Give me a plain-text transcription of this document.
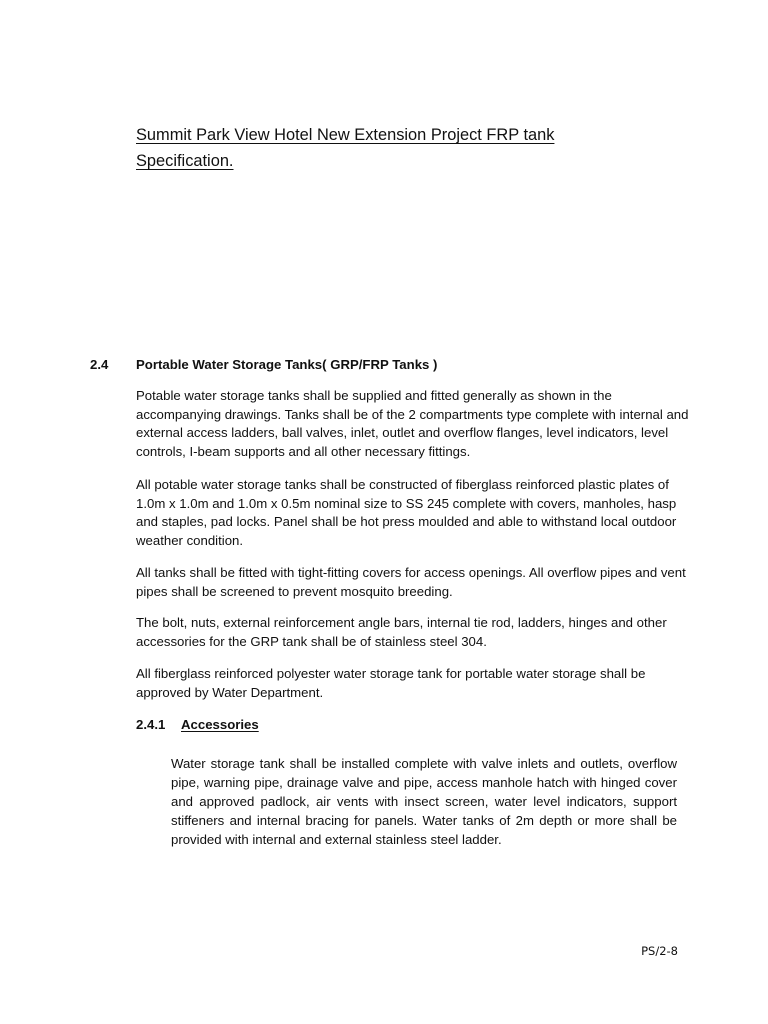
Summit Park View Hotel New Extension Project FRP tank Specification.
2.4 Portable Water Storage Tanks( GRP/FRP Tanks )

Potable water storage tanks shall be supplied and fitted generally as shown in the accompanying drawings. Tanks shall be of the 2 compartments type complete with internal and external access ladders, ball valves, inlet, outlet and overflow flanges, level indicators, level controls, I-beam supports and all other necessary fittings.

All potable water storage tanks shall be constructed of fiberglass reinforced plastic plates of 1.0m x 1.0m and 1.0m x 0.5m nominal size to SS 245 complete with covers, manholes, hasp and staples, pad locks. Panel shall be hot press moulded and able to withstand local outdoor weather condition.

All tanks shall be fitted with tight-fitting covers for access openings. All overflow pipes and vent pipes shall be screened to prevent mosquito breeding.

The bolt, nuts, external reinforcement angle bars, internal tie rod, ladders, hinges and other accessories for the GRP tank shall be of stainless steel 304.

All fiberglass reinforced polyester water storage tank for portable water storage shall be approved by Water Department.

2.4.1 Accessories

Water storage tank shall be installed complete with valve inlets and outlets, overflow pipe, warning pipe, drainage valve and pipe, access manhole hatch with hinged cover and approved padlock, air vents with insect screen, water level indicators, support stiffeners and internal bracing for panels. Water tanks of 2m depth or more shall be provided with internal and external stainless steel ladder.

PS/2-8
